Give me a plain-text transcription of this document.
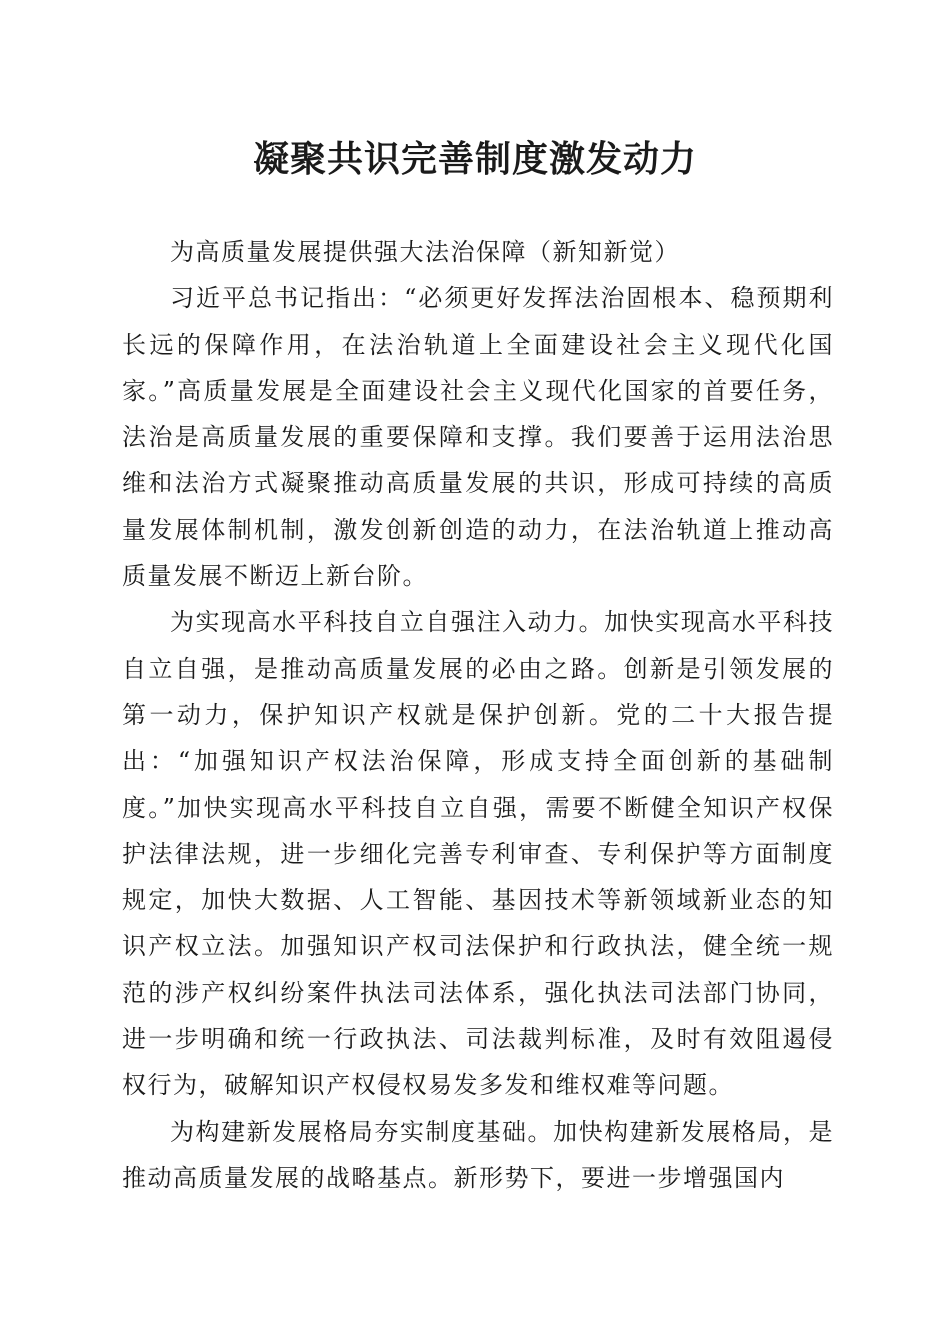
凝聚共识完善制度激发动力

为高质量发展提供强大法治保障（新知新觉）

习近平总书记指出：“必须更好发挥法治固根本、稳预期利长远的保障作用，在法治轨道上全面建设社会主义现代化国家。”高质量发展是全面建设社会主义现代化国家的首要任务，法治是高质量发展的重要保障和支撑。我们要善于运用法治思维和法治方式凝聚推动高质量发展的共识，形成可持续的高质量发展体制机制，激发创新创造的动力，在法治轨道上推动高质量发展不断迈上新台阶。

为实现高水平科技自立自强注入动力。加快实现高水平科技自立自强，是推动高质量发展的必由之路。创新是引领发展的第一动力，保护知识产权就是保护创新。党的二十大报告提出：“加强知识产权法治保障，形成支持全面创新的基础制度。”加快实现高水平科技自立自强，需要不断健全知识产权保护法律法规，进一步细化完善专利审查、专利保护等方面制度规定，加快大数据、人工智能、基因技术等新领域新业态的知识产权立法。加强知识产权司法保护和行政执法，健全统一规范的涉产权纠纷案件执法司法体系，强化执法司法部门协同，进一步明确和统一行政执法、司法裁判标准，及时有效阻遏侵权行为，破解知识产权侵权易发多发和维权难等问题。

为构建新发展格局夯实制度基础。加快构建新发展格局，是推动高质量发展的战略基点。新形势下，要进一步增强国内
